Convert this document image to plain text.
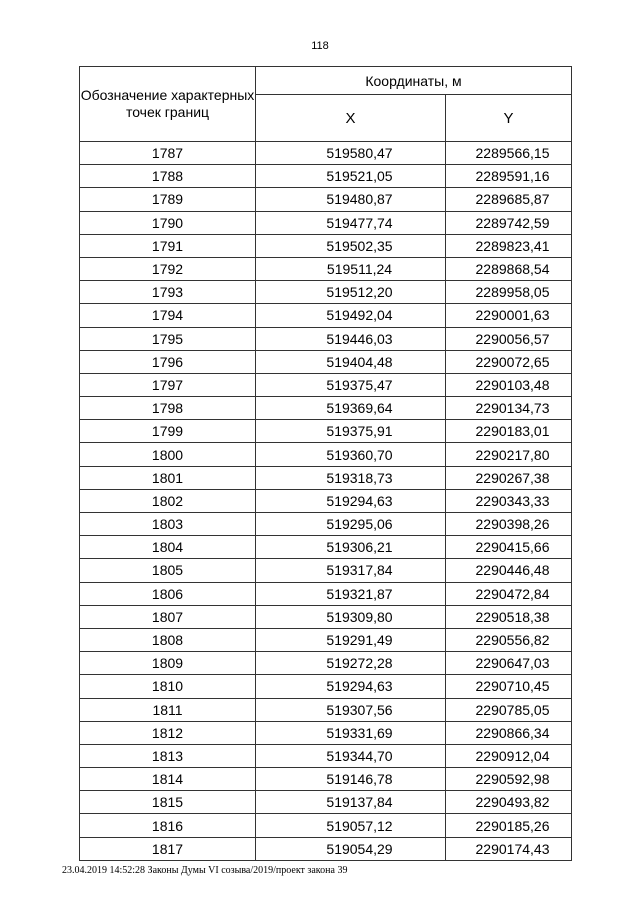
118
Обозначение характерных точек границ	Координаты, м	
	X	Y
1787	519580,47	2289566,15
1788	519521,05	2289591,16
1789	519480,87	2289685,87
1790	519477,74	2289742,59
1791	519502,35	2289823,41
1792	519511,24	2289868,54
1793	519512,20	2289958,05
1794	519492,04	2290001,63
1795	519446,03	2290056,57
1796	519404,48	2290072,65
1797	519375,47	2290103,48
1798	519369,64	2290134,73
1799	519375,91	2290183,01
1800	519360,70	2290217,80
1801	519318,73	2290267,38
1802	519294,63	2290343,33
1803	519295,06	2290398,26
1804	519306,21	2290415,66
1805	519317,84	2290446,48
1806	519321,87	2290472,84
1807	519309,80	2290518,38
1808	519291,49	2290556,82
1809	519272,28	2290647,03
1810	519294,63	2290710,45
1811	519307,56	2290785,05
1812	519331,69	2290866,34
1813	519344,70	2290912,04
1814	519146,78	2290592,98
1815	519137,84	2290493,82
1816	519057,12	2290185,26
1817	519054,29	2290174,43
23.04.2019 14:52:28 Законы Думы VI созыва/2019/проект закона 39
